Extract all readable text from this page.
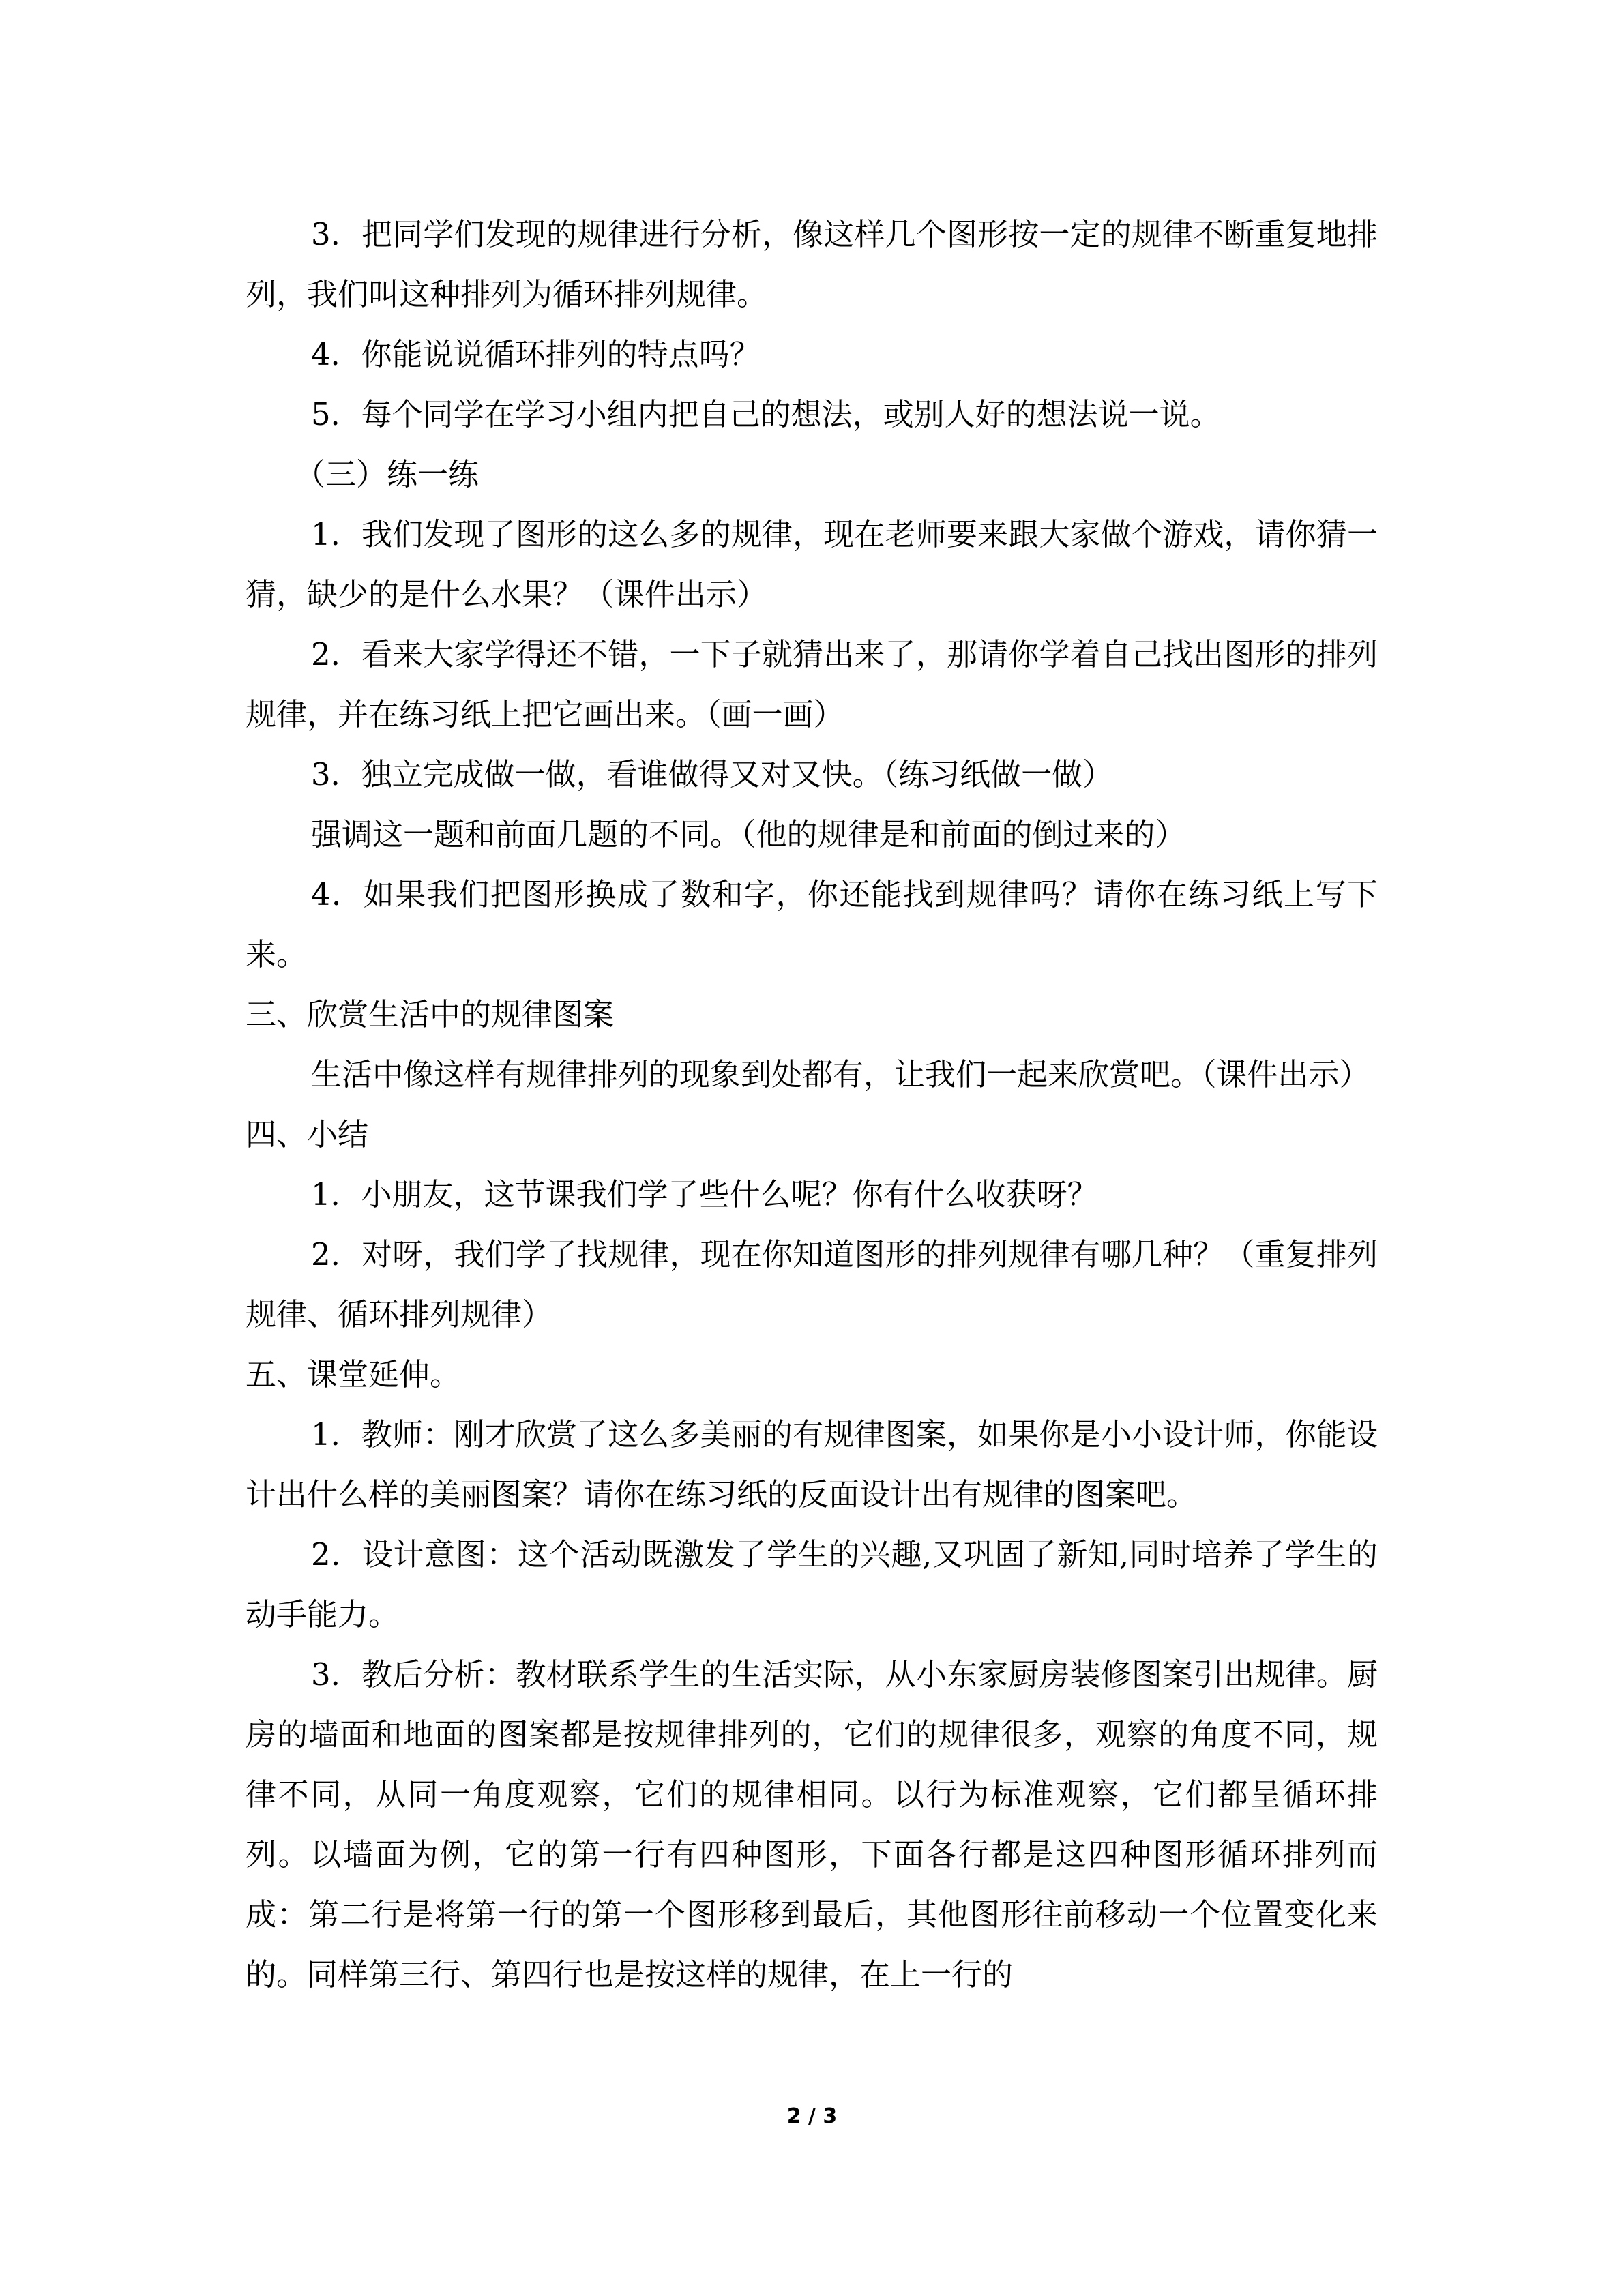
3．把同学们发现的规律进行分析，像这样几个图形按一定的规律不断重复地排列，我们叫这种排列为循环排列规律。

4．你能说说循环排列的特点吗？

5．每个同学在学习小组内把自己的想法，或别人好的想法说一说。

（三）练一练

1．我们发现了图形的这么多的规律，现在老师要来跟大家做个游戏，请你猜一猜，缺少的是什么水果？（课件出示）

2．看来大家学得还不错，一下子就猜出来了，那请你学着自己找出图形的排列规律，并在练习纸上把它画出来。（画一画）

3．独立完成做一做，看谁做得又对又快。（练习纸做一做）

强调这一题和前面几题的不同。（他的规律是和前面的倒过来的）

4．如果我们把图形换成了数和字，你还能找到规律吗？请你在练习纸上写下来。

三、欣赏生活中的规律图案

生活中像这样有规律排列的现象到处都有，让我们一起来欣赏吧。（课件出示）

四、小结

1．小朋友，这节课我们学了些什么呢？你有什么收获呀？

2．对呀，我们学了找规律，现在你知道图形的排列规律有哪几种？（重复排列规律、循环排列规律）

五、课堂延伸。

1．教师：刚才欣赏了这么多美丽的有规律图案，如果你是小小设计师，你能设计出什么样的美丽图案？请你在练习纸的反面设计出有规律的图案吧。

2．设计意图：这个活动既激发了学生的兴趣,又巩固了新知,同时培养了学生的动手能力。

3．教后分析：教材联系学生的生活实际，从小东家厨房装修图案引出规律。厨房的墙面和地面的图案都是按规律排列的，它们的规律很多，观察的角度不同，规律不同，从同一角度观察，它们的规律相同。以行为标准观察，它们都呈循环排列。以墙面为例，它的第一行有四种图形，下面各行都是这四种图形循环排列而成：第二行是将第一行的第一个图形移到最后，其他图形往前移动一个位置变化来的。同样第三行、第四行也是按这样的规律，在上一行的

2 / 3
